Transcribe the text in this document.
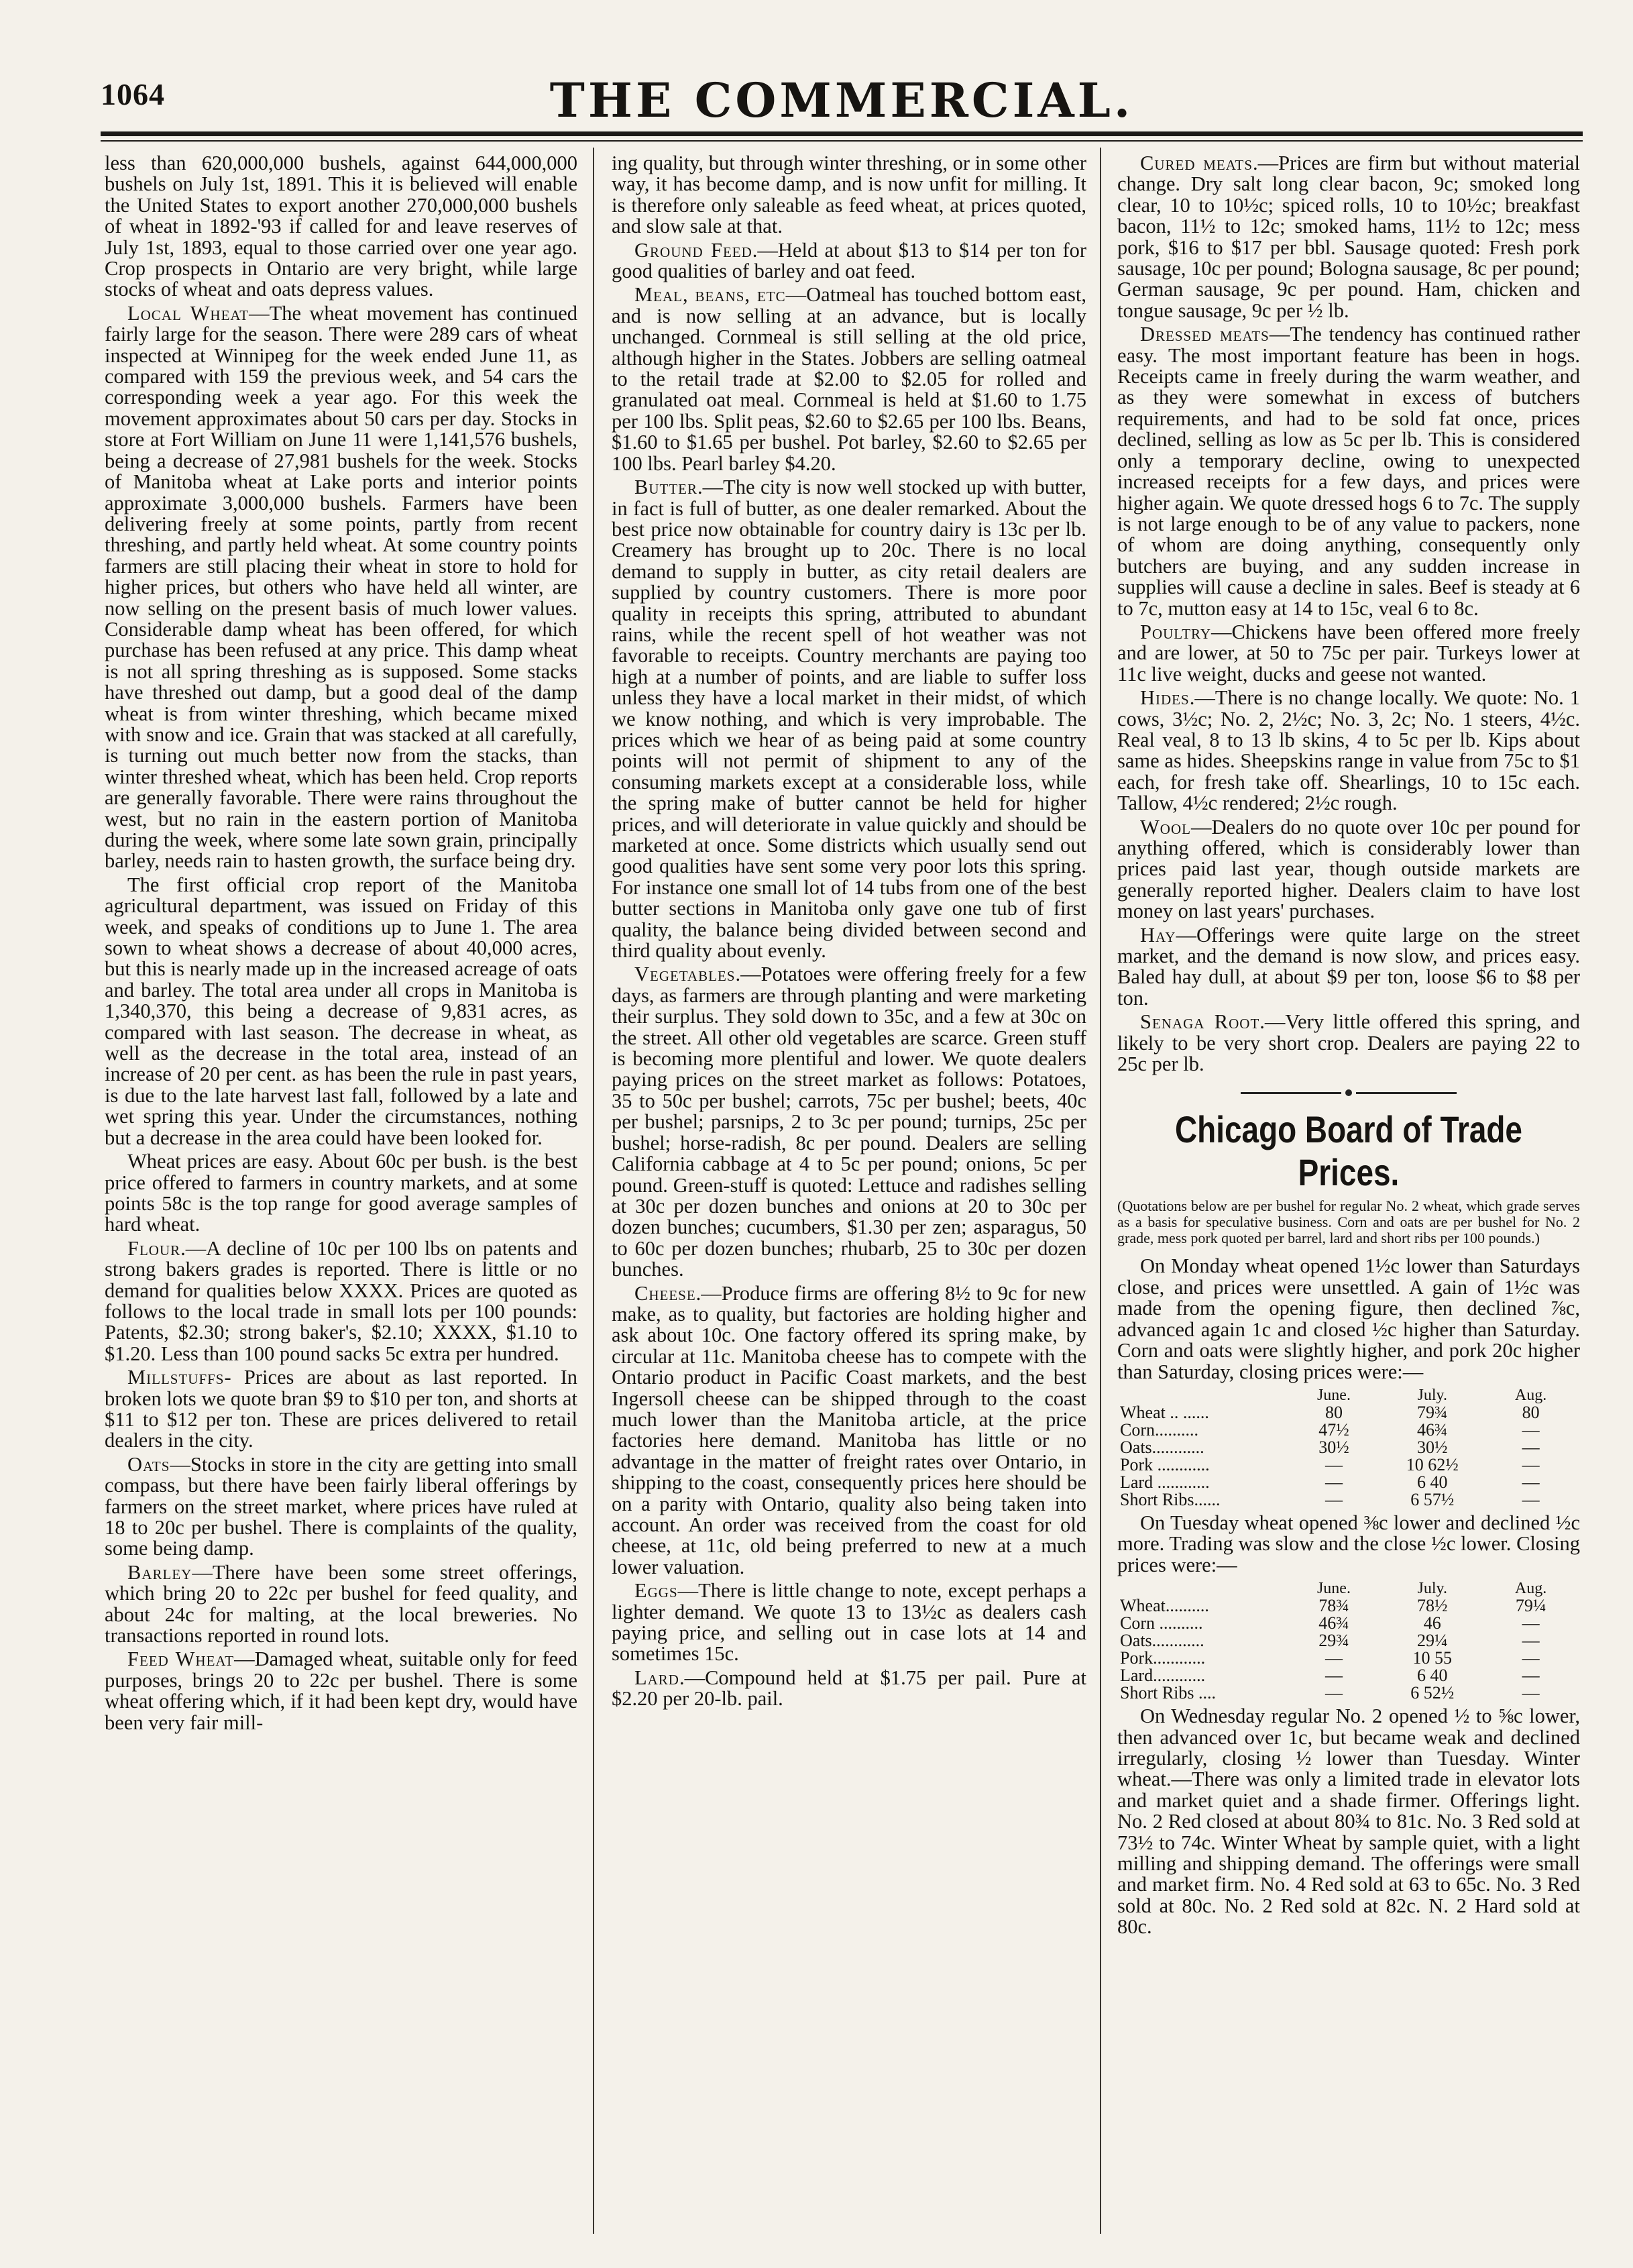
1064	THE COMMERCIAL.

less than 620,000,000 bushels, against 644,000,000 bushels on July 1st, 1891. This it is believed will enable the United States to export another 270,000,000 bushels of wheat in 1892-'93 if called for and leave reserves of July 1st, 1893, equal to those carried over one year ago. Crop prospects in Ontario are very bright, while large stocks of wheat and oats depress values.

Local Wheat—The wheat movement has continued fairly large for the season. There were 289 cars of wheat inspected at Winnipeg for the week ended June 11, as compared with 159 the previous week, and 54 cars the corresponding week a year ago. For this week the movement approximates about 50 cars per day. Stocks in store at Fort William on June 11 were 1,141,576 bushels, being a decrease of 27,981 bushels for the week. Stocks of Manitoba wheat at Lake ports and interior points approximate 3,000,000 bushels. Farmers have been delivering freely at some points, partly from recent threshing, and partly held wheat. At some country points farmers are still placing their wheat in store to hold for higher prices, but others who have held all winter, are now selling on the present basis of much lower values. Considerable damp wheat has been offered, for which purchase has been refused at any price. This damp wheat is not all spring threshing as is supposed. Some stacks have threshed out damp, but a good deal of the damp wheat is from winter threshing, which became mixed with snow and ice. Grain that was stacked at all carefully, is turning out much better now from the stacks, than winter threshed wheat, which has been held. Crop reports are generally favorable. There were rains throughout the west, but no rain in the eastern portion of Manitoba during the week, where some late sown grain, principally barley, needs rain to hasten growth, the surface being dry.

The first official crop report of the Manitoba agricultural department, was issued on Friday of this week, and speaks of conditions up to June 1. The area sown to wheat shows a decrease of about 40,000 acres, but this is nearly made up in the increased acreage of oats and barley. The total area under all crops in Manitoba is 1,340,370, this being a decrease of 9,831 acres, as compared with last season. The decrease in wheat, as well as the decrease in the total area, instead of an increase of 20 per cent. as has been the rule in past years, is due to the late harvest last fall, followed by a late and wet spring this year. Under the circumstances, nothing but a decrease in the area could have been looked for.

Wheat prices are easy. About 60c per bush. is the best price offered to farmers in country markets, and at some points 58c is the top range for good average samples of hard wheat.

Flour.—A decline of 10c per 100 lbs on patents and strong bakers grades is reported. There is little or no demand for qualities below XXXX. Prices are quoted as follows to the local trade in small lots per 100 pounds: Patents, $2.30; strong baker's, $2.10; XXXX, $1.10 to $1.20. Less than 100 pound sacks 5c extra per hundred.

Millstuffs- Prices are about as last reported. In broken lots we quote bran $9 to $10 per ton, and shorts at $11 to $12 per ton. These are prices delivered to retail dealers in the city.

Oats—Stocks in store in the city are getting into small compass, but there have been fairly liberal offerings by farmers on the street market, where prices have ruled at 18 to 20c per bushel. There is complaints of the quality, some being damp.

Barley—There have been some street offerings, which bring 20 to 22c per bushel for feed quality, and about 24c for malting, at the local breweries. No transactions reported in round lots.

Feed Wheat—Damaged wheat, suitable only for feed purposes, brings 20 to 22c per bushel. There is some wheat offering which, if it had been kept dry, would have been very fair mill-

ing quality, but through winter threshing, or in some other way, it has become damp, and is now unfit for milling. It is therefore only saleable as feed wheat, at prices quoted, and slow sale at that.

Ground Feed.—Held at about $13 to $14 per ton for good qualities of barley and oat feed.

Meal, beans, etc—Oatmeal has touched bottom east, and is now selling at an advance, but is locally unchanged. Cornmeal is still selling at the old price, although higher in the States. Jobbers are selling oatmeal to the retail trade at $2.00 to $2.05 for rolled and granulated oat meal. Cornmeal is held at $1.60 to 1.75 per 100 lbs. Split peas, $2.60 to $2.65 per 100 lbs. Beans, $1.60 to $1.65 per bushel. Pot barley, $2.60 to $2.65 per 100 lbs. Pearl barley $4.20.

Butter.—The city is now well stocked up with butter, in fact is full of butter, as one dealer remarked. About the best price now obtainable for country dairy is 13c per lb. Creamery has brought up to 20c. There is no local demand to supply in butter, as city retail dealers are supplied by country customers. There is more poor quality in receipts this spring, attributed to abundant rains, while the recent spell of hot weather was not favorable to receipts. Country merchants are paying too high at a number of points, and are liable to suffer loss unless they have a local market in their midst, of which we know nothing, and which is very improbable. The prices which we hear of as being paid at some country points will not permit of shipment to any of the consuming markets except at a considerable loss, while the spring make of butter cannot be held for higher prices, and will deteriorate in value quickly and should be marketed at once. Some districts which usually send out good qualities have sent some very poor lots this spring. For instance one small lot of 14 tubs from one of the best butter sections in Manitoba only gave one tub of first quality, the balance being divided between second and third quality about evenly.

Vegetables.—Potatoes were offering freely for a few days, as farmers are through planting and were marketing their surplus. They sold down to 35c, and a few at 30c on the street. All other old vegetables are scarce. Green stuff is becoming more plentiful and lower. We quote dealers paying prices on the street market as follows: Potatoes, 35 to 50c per bushel; carrots, 75c per bushel; beets, 40c per bushel; parsnips, 2 to 3c per pound; turnips, 25c per bushel; horse-radish, 8c per pound. Dealers are selling California cabbage at 4 to 5c per pound; onions, 5c per pound. Green-stuff is quoted: Lettuce and radishes selling at 30c per dozen bunches and onions at 20 to 30c per dozen bunches; cucumbers, $1.30 per zen; asparagus, 50 to 60c per dozen bunches; rhubarb, 25 to 30c per dozen bunches.

Cheese.—Produce firms are offering 8½ to 9c for new make, as to quality, but factories are holding higher and ask about 10c. One factory offered its spring make, by circular at 11c. Manitoba cheese has to compete with the Ontario product in Pacific Coast markets, and the best Ingersoll cheese can be shipped through to the coast much lower than the Manitoba article, at the price factories here demand. Manitoba has little or no advantage in the matter of freight rates over Ontario, in shipping to the coast, consequently prices here should be on a parity with Ontario, quality also being taken into account. An order was received from the coast for old cheese, at 11c, old being preferred to new at a much lower valuation.

Eggs—There is little change to note, except perhaps a lighter demand. We quote 13 to 13½c as dealers cash paying price, and selling out in case lots at 14 and sometimes 15c.

Lard.—Compound held at $1.75 per pail. Pure at $2.20 per 20-lb. pail.

Cured meats.—Prices are firm but without material change. Dry salt long clear bacon, 9c; smoked long clear, 10 to 10½c; spiced rolls, 10 to 10½c; breakfast bacon, 11½ to 12c; smoked hams, 11½ to 12c; mess pork, $16 to $17 per bbl. Sausage quoted: Fresh pork sausage, 10c per pound; Bologna sausage, 8c per pound; German sausage, 9c per pound. Ham, chicken and tongue sausage, 9c per ½ lb.

Dressed meats—The tendency has continued rather easy. The most important feature has been in hogs. Receipts came in freely during the warm weather, and as they were somewhat in excess of butchers requirements, and had to be sold fat once, prices declined, selling as low as 5c per lb. This is considered only a temporary decline, owing to unexpected increased receipts for a few days, and prices were higher again. We quote dressed hogs 6 to 7c. The supply is not large enough to be of any value to packers, none of whom are doing anything, consequently only butchers are buying, and any sudden increase in supplies will cause a decline in sales. Beef is steady at 6 to 7c, mutton easy at 14 to 15c, veal 6 to 8c.

Poultry—Chickens have been offered more freely and are lower, at 50 to 75c per pair. Turkeys lower at 11c live weight, ducks and geese not wanted.

Hides.—There is no change locally. We quote: No. 1 cows, 3½c; No. 2, 2½c; No. 3, 2c; No. 1 steers, 4½c. Real veal, 8 to 13 lb skins, 4 to 5c per lb. Kips about same as hides. Sheepskins range in value from 75c to $1 each, for fresh take off. Shearlings, 10 to 15c each. Tallow, 4½c rendered; 2½c rough.

Wool—Dealers do no quote over 10c per pound for anything offered, which is considerably lower than prices paid last year, though outside markets are generally reported higher. Dealers claim to have lost money on last years' purchases.

Hay—Offerings were quite large on the street market, and the demand is now slow, and prices easy. Baled hay dull, at about $9 per ton, loose $6 to $8 per ton.

Senaga Root.—Very little offered this spring, and likely to be very short crop. Dealers are paying 22 to 25c per lb.

Chicago Board of Trade Prices.

(Quotations below are per bushel for regular No. 2 wheat, which grade serves as a basis for speculative business. Corn and oats are per bushel for No. 2 grade, mess pork quoted per barrel, lard and short ribs per 100 pounds.)

On Monday wheat opened 1½c lower than Saturdays close, and prices were unsettled. A gain of 1½c was made from the opening figure, then declined ⅞c, advanced again 1c and closed ½c higher than Saturday. Corn and oats were slightly higher, and pork 20c higher than Saturday, closing prices were:—

	June.	July.	Aug.
Wheat .. ......	80	79¾	80
Corn..........	47½	46¾	—
Oats............	30½	30½	—
Pork ............	—	10 62½	—
Lard ............	—	6 40	—
Short Ribs......	—	6 57½	—

On Tuesday wheat opened ⅜c lower and declined ½c more. Trading was slow and the close ½c lower. Closing prices were:—

	June.	July.	Aug.
Wheat..........	78¾	78½	79¼
Corn ..........	46¾	46	—
Oats............	29¾	29¼	—
Pork............	—	10 55	—
Lard............	—	6 40	—
Short Ribs ....	—	6 52½	—

On Wednesday regular No. 2 opened ½ to ⅝c lower, then advanced over 1c, but became weak and declined irregularly, closing ½ lower than Tuesday. Winter wheat.—There was only a limited trade in elevator lots and market quiet and a shade firmer. Offerings light. No. 2 Red closed at about 80¾ to 81c. No. 3 Red sold at 73½ to 74c. Winter Wheat by sample quiet, with a light milling and shipping demand. The offerings were small and market firm. No. 4 Red sold at 63 to 65c. No. 3 Red sold at 80c. No. 2 Red sold at 82c. N. 2 Hard sold at 80c.
